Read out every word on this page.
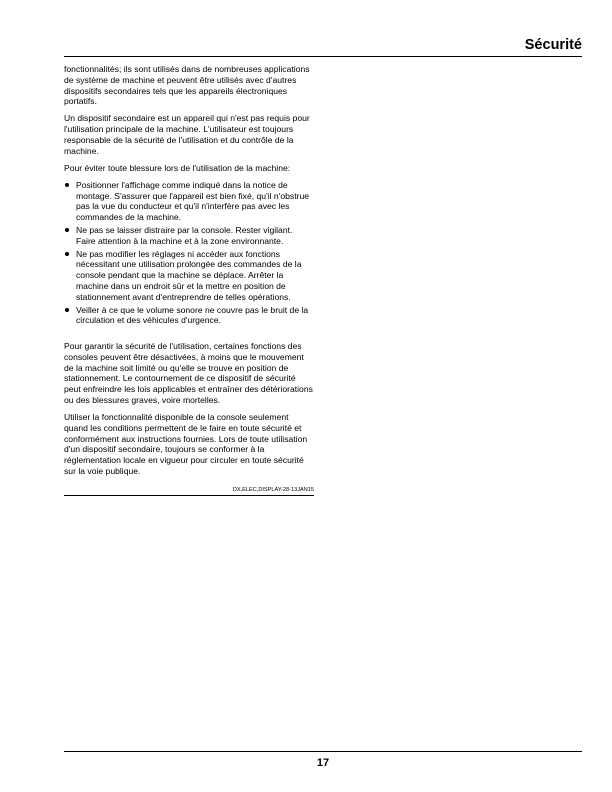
Sécurité

fonctionnalités; ils sont utilisés dans de nombreuses applications de système de machine et peuvent être utilisés avec d'autres dispositifs secondaires tels que les appareils électroniques portatifs.

Un dispositif secondaire est un appareil qui n'est pas requis pour l'utilisation principale de la machine. L'utilisateur est toujours responsable de la sécurité de l'utilisation et du contrôle de la machine.

Pour éviter toute blessure lors de l'utilisation de la machine:

Positionner l'affichage comme indiqué dans la notice de montage. S'assurer que l'appareil est bien fixé, qu'il n'obstrue pas la vue du conducteur et qu'il n'interfère pas avec les commandes de la machine.
Ne pas se laisser distraire par la console. Rester vigilant. Faire attention à la machine et à la zone environnante.
Ne pas modifier les réglages ni accéder aux fonctions nécessitant une utilisation prolongée des commandes de la console pendant que la machine se déplace. Arrêter la machine dans un endroit sûr et la mettre en position de stationnement avant d'entreprendre de telles opérations.
Veiller à ce que le volume sonore ne couvre pas le bruit de la circulation et des véhicules d'urgence.

Pour garantir la sécurité de l'utilisation, certaines fonctions des consoles peuvent être désactivées, à moins que le mouvement de la machine soit limité ou qu'elle se trouve en position de stationnement. Le contournement de ce dispositif de sécurité peut enfreindre les lois applicables et entraîner des détériorations ou des blessures graves, voire mortelles.

Utiliser la fonctionnalité disponible de la console seulement quand les conditions permettent de le faire en toute sécurité et conformément aux instructions fournies. Lors de toute utilisation d'un dispositif secondaire, toujours se conformer à la réglementation locale en vigueur pour circuler en toute sécurité sur la voie publique.

DX,ELEC,DISPLAY-28-13JAN15
17
